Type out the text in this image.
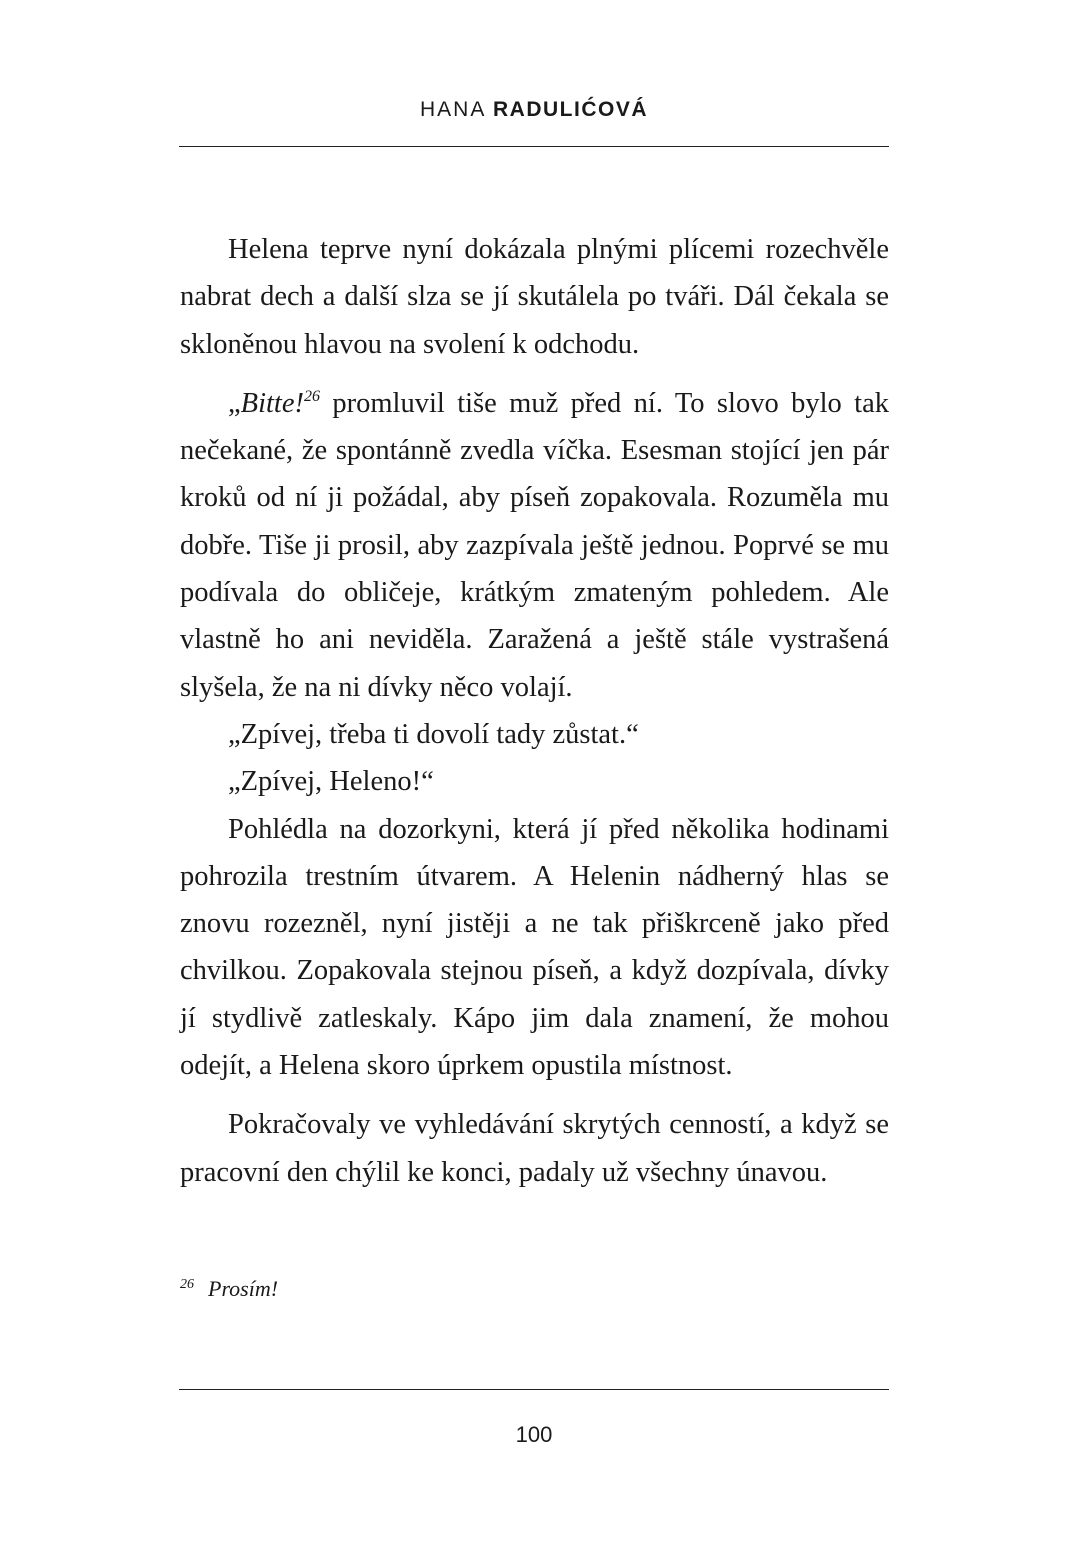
HANA RADULIĆOVÁ

Helena teprve nyní dokázala plnými plícemi rozechvěle nabrat dech a další slza se jí skutálela po tváři. Dál čekala se skloněnou hlavou na svolení k odchodu.

„Bitte!$^{26}$ promluvil tiše muž před ní. To slovo bylo tak nečekané, že spontánně zvedla víčka. Esesman stojící jen pár kroků od ní ji požádal, aby píseň zopakovala. Rozuměla mu dobře. Tiše ji prosil, aby zazpívala ještě jednou. Poprvé se mu podívala do obličeje, krátkým zmateným pohledem. Ale vlastně ho ani neviděla. Zaražená a ještě stále vystrašená slyšela, že na ni dívky něco volají.

„Zpívej, třeba ti dovolí tady zůstat.“

„Zpívej, Heleno!“

Pohlédla na dozorkyni, která jí před několika hodinami pohrozila trestním útvarem. A Helenin nádherný hlas se znovu rozezněl, nyní jistěji a ne tak přiškrceně jako před chvilkou. Zopakovala stejnou píseň, a když dozpívala, dívky jí stydlivě zatleskaly. Kápo jim dala znamení, že mohou odejít, a Helena skoro úprkem opustila místnost.

Pokračovaly ve vyhledávání skrytých cenností, a když se pracovní den chýlil ke konci, padaly už všechny únavou.

$^{26}$ Prosím!
100
